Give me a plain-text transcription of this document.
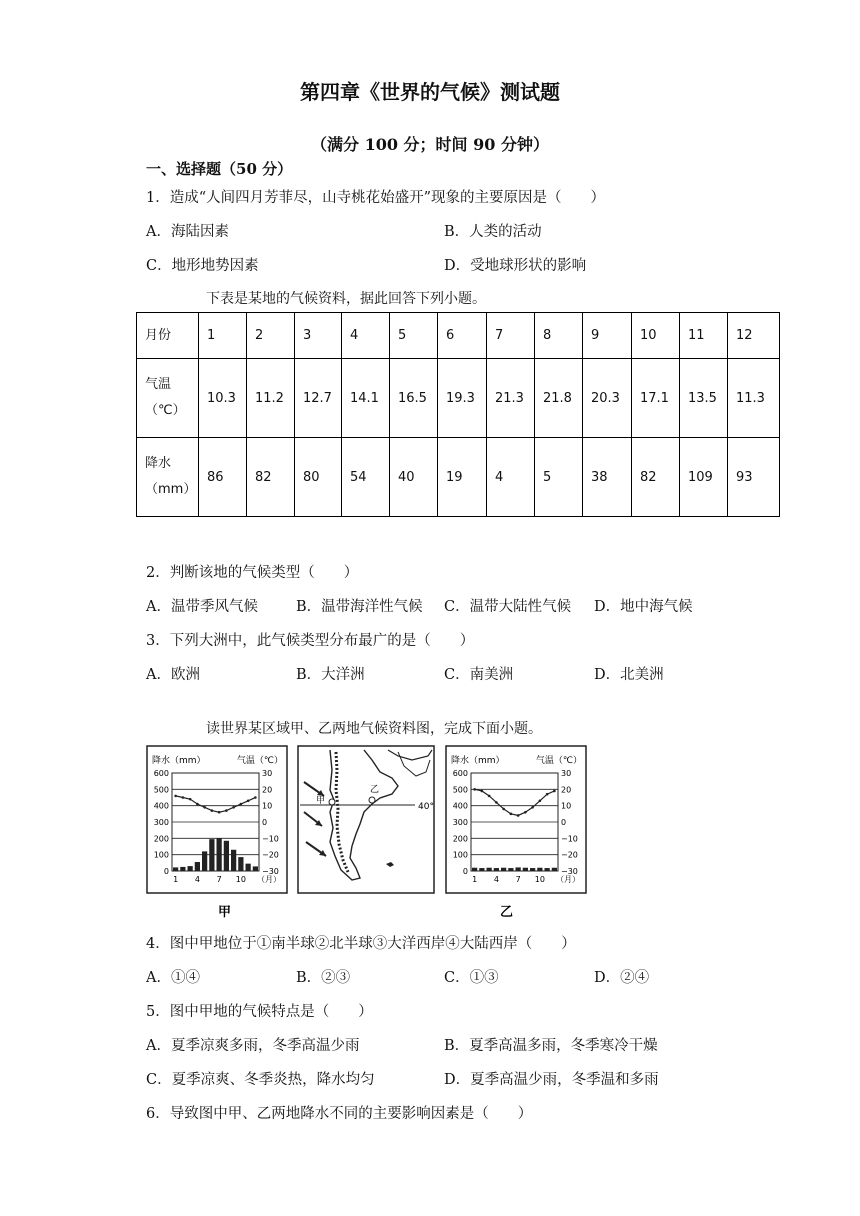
第四章《世界的气候》测试题
（满分 100 分；时间 90 分钟）
一、选择题（50 分）
1．造成“人间四月芳菲尽，山寺桃花始盛开”现象的主要原因是（　　）
A．海陆因素	B．人类的活动
C．地形地势因素	D．受地球形状的影响
下表是某地的气候资料，据此回答下列小题。
月份	1	2	3	4	5	6	7	8	9	10	11	12

气温
（℃）	10.3	11.2	12.7	14.1	16.5	19.3	21.3	21.8	20.3	17.1	13.5	11.3

降水
（mm）	86	82	80	54	40	19	4	5	38	82	109	93
2．判断该地的气候类型（　　）
A．温带季风气候	B．温带海洋性气候 C．温带大陆性气候 D．地中海气候
3．下列大洲中，此气候类型分布最广的是（　　）
A．欧洲	B．大洋洲	C．南美洲	D．北美洲
读世界某区域甲、乙两地气候资料图，完成下面小题。
降水（mm）	气温（℃）
600
500
400
300
200
100
0
30
20
10
0
−10
−20
−30
1 4 7 10 （月）
40°
甲
乙
降水（mm）	气温（℃）
600
500
400
300
200
100
0
30
20
10
0
−10
−20
−30
1 4 7 10 （月）
甲	乙
4．图中甲地位于①南半球②北半球③大洋西岸④大陆西岸（　　）
A．①④	B．②③	C．①③	D．②④
5．图中甲地的气候特点是（　　）
A．夏季凉爽多雨，冬季高温少雨	B．夏季高温多雨，冬季寒冷干燥
C．夏季凉爽、冬季炎热，降水均匀	D．夏季高温少雨，冬季温和多雨
6．导致图中甲、乙两地降水不同的主要影响因素是（　　）
